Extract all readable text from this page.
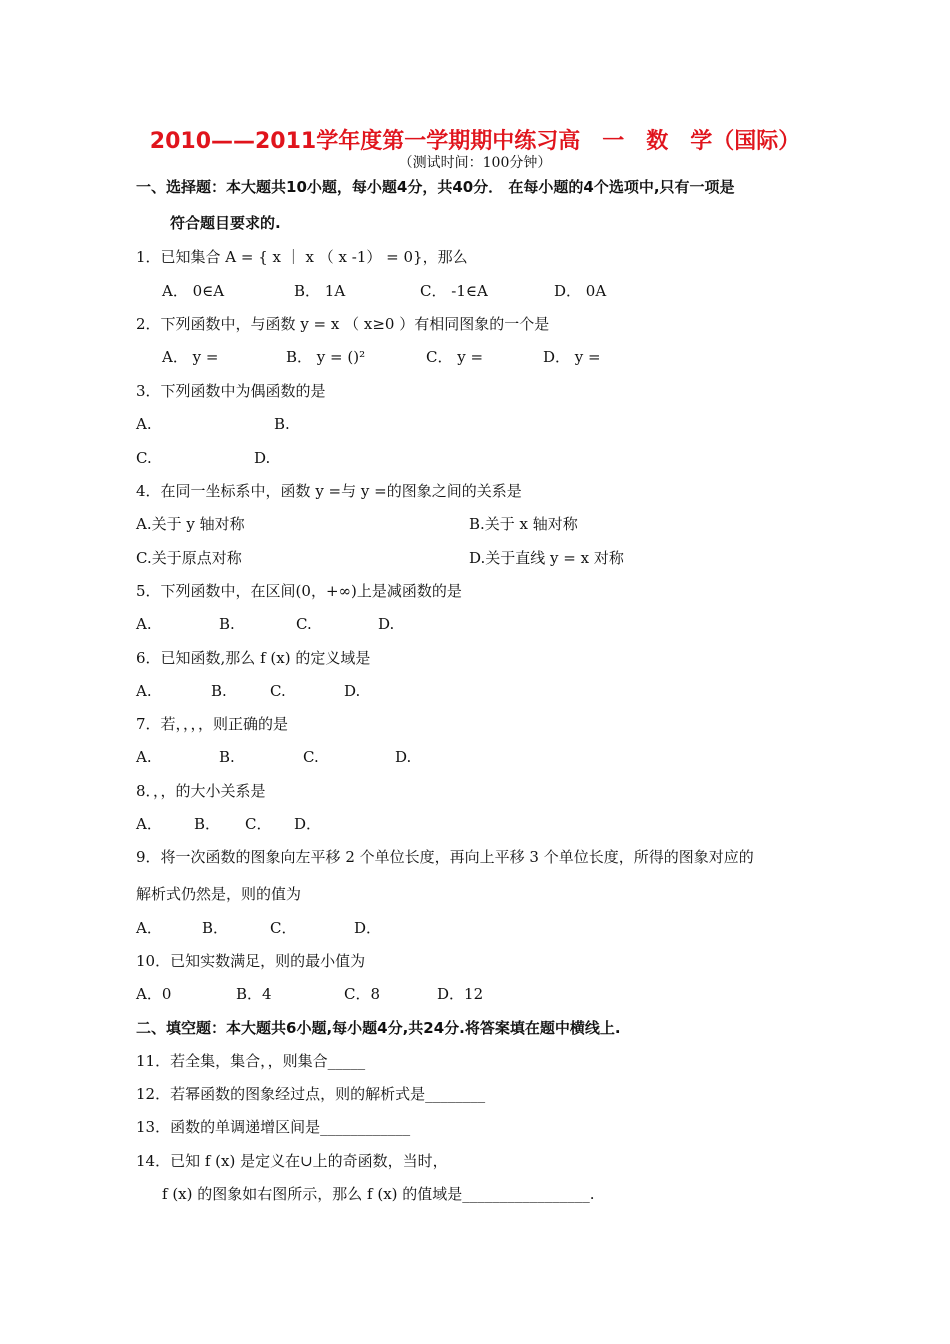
2010——2011学年度第一学期期中练习高　一　数　学（国际）
（测试时间：100分钟）
一、选择题：本大题共10小题，每小题4分，共40分． 在每小题的4个选项中,只有一项是
符合题目要求的.
1．已知集合 A = { x ｜ x （ x -1） = 0}，那么
A． 0∈A	B． 1A	C． -1∈A	D． 0A
2．下列函数中，与函数 y = x （ x≥0 ）有相同图象的一个是
A． y =	B． y = ()²	C． y =	D． y =
3．下列函数中为偶函数的是
A.	B.
C.	D.
4．在同一坐标系中，函数 y =与 y =的图象之间的关系是
A.关于 y 轴对称	B.关于 x 轴对称
C.关于原点对称	D.关于直线 y = x 对称
5．下列函数中，在区间(0，+∞)上是减函数的是
A.	B.	C.	D.
6．已知函数,那么 f (x) 的定义域是
A.	B.	C.	D.
7．若，，，，则正确的是
A.	B.	C.	D.
8．，，的大小关系是
A． B． C． D．
9．将一次函数的图象向左平移 2 个单位长度，再向上平移 3 个单位长度，所得的图象对应的
解析式仍然是，则的值为
A．	B．	C．	D．
10．已知实数满足，则的最小值为
A．0	B．4	C．8	D．12
二、填空题：本大题共6小题,每小题4分,共24分.将答案填在题中横线上.
11．若全集，集合，，则集合_____
12．若幂函数的图象经过点，则的解析式是________
13．函数的单调递增区间是____________
14．已知 f (x) 是定义在∪上的奇函数，当时，
f (x) 的图象如右图所示，那么 f (x) 的值域是_________________.
